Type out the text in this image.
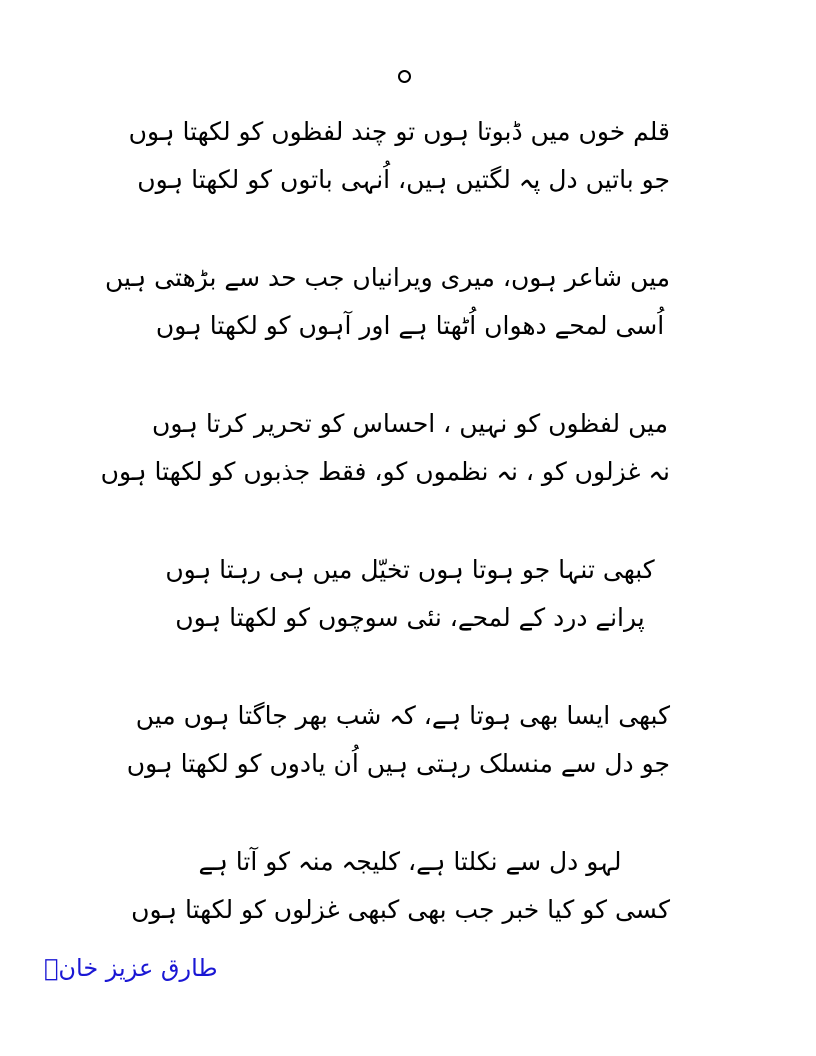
قلم خوں میں ڈبوتا ہوں تو چند لفظوں کو لکھتا ہوں
جو باتیں دل پہ لگتیں ہیں، اُنہی باتوں کو لکھتا ہوں
میں شاعر ہوں، میری ویرانیاں جب حد سے بڑھتی ہیں
اُسی لمحے دھواں اُٹھتا ہے اور آہوں کو لکھتا ہوں
میں لفظوں کو نہیں ، احساس کو تحریر کرتا ہوں
نہ غزلوں کو ، نہ نظموں کو، فقط جذبوں کو لکھتا ہوں
کبھی تنہا جو ہوتا ہوں تخیّل میں ہی رہتا ہوں
پرانے درد کے لمحے، نئی سوچوں کو لکھتا ہوں
کبھی ایسا بھی ہوتا ہے، کہ شب بھر جاگتا ہوں میں
جو دل سے منسلک رہتی ہیں اُن یادوں کو لکھتا ہوں
لہو دل سے نکلتا ہے، کلیجہ منہ کو آتا ہے
کسی کو کیا خبر جب بھی کبھی غزلوں کو لکھتا ہوں
طارق عزیز خانؔ
